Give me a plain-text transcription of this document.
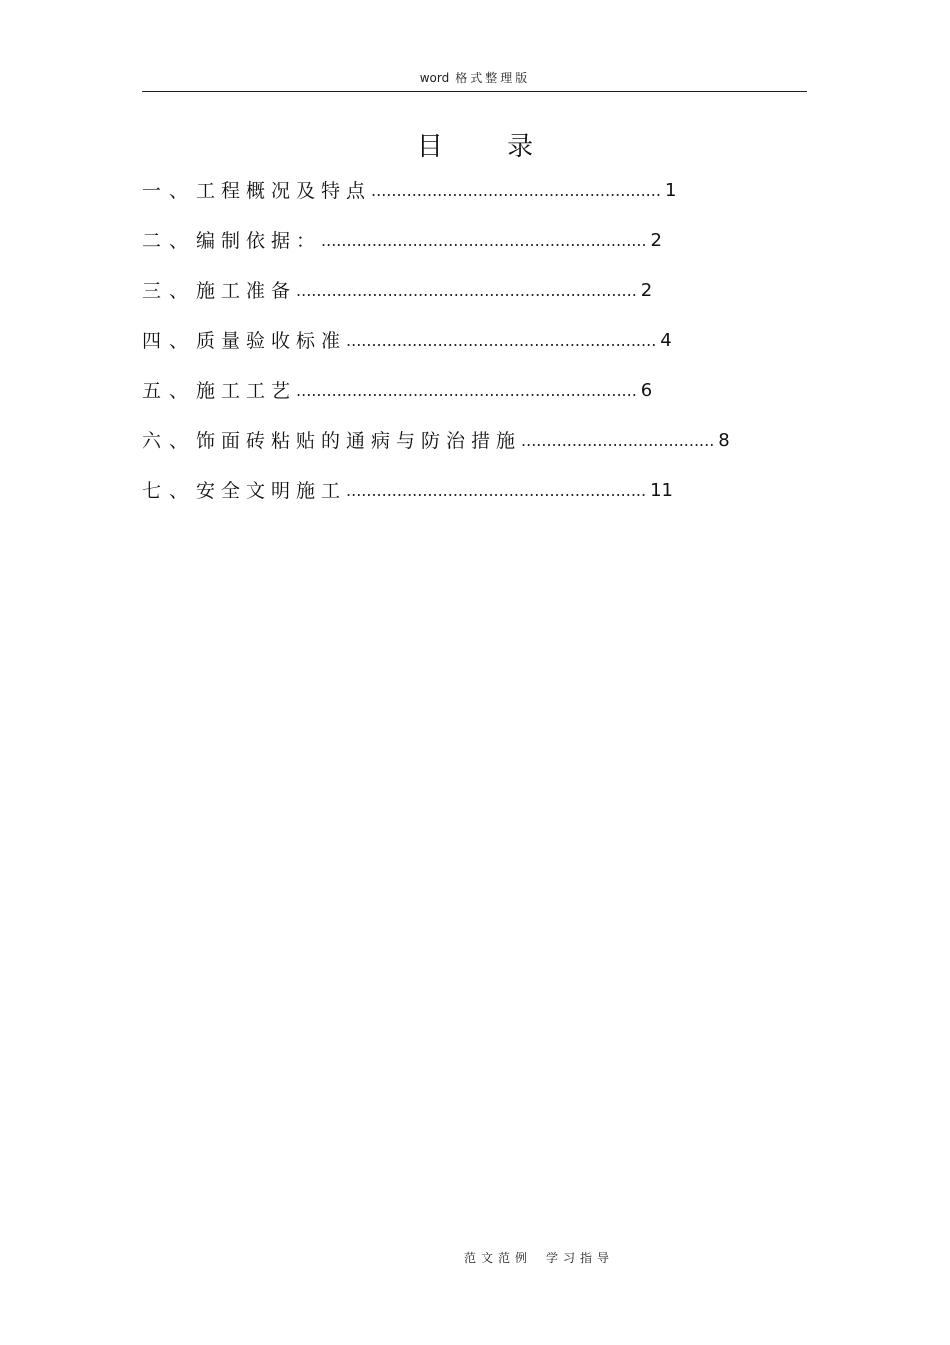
word 格式整理版
目 录
一、 工程概况及特点 ......................................................... 1
二、 编制依据： ................................................................ 2
三、 施工准备 ................................................................... 2
四、 质量验收标准 ............................................................. 4
五、 施工工艺 ................................................................... 6
六、 饰面砖粘贴的通病与防治措施 ...................................... 8
七、 安全文明施工 ........................................................... 11
范文范例 学习指导
